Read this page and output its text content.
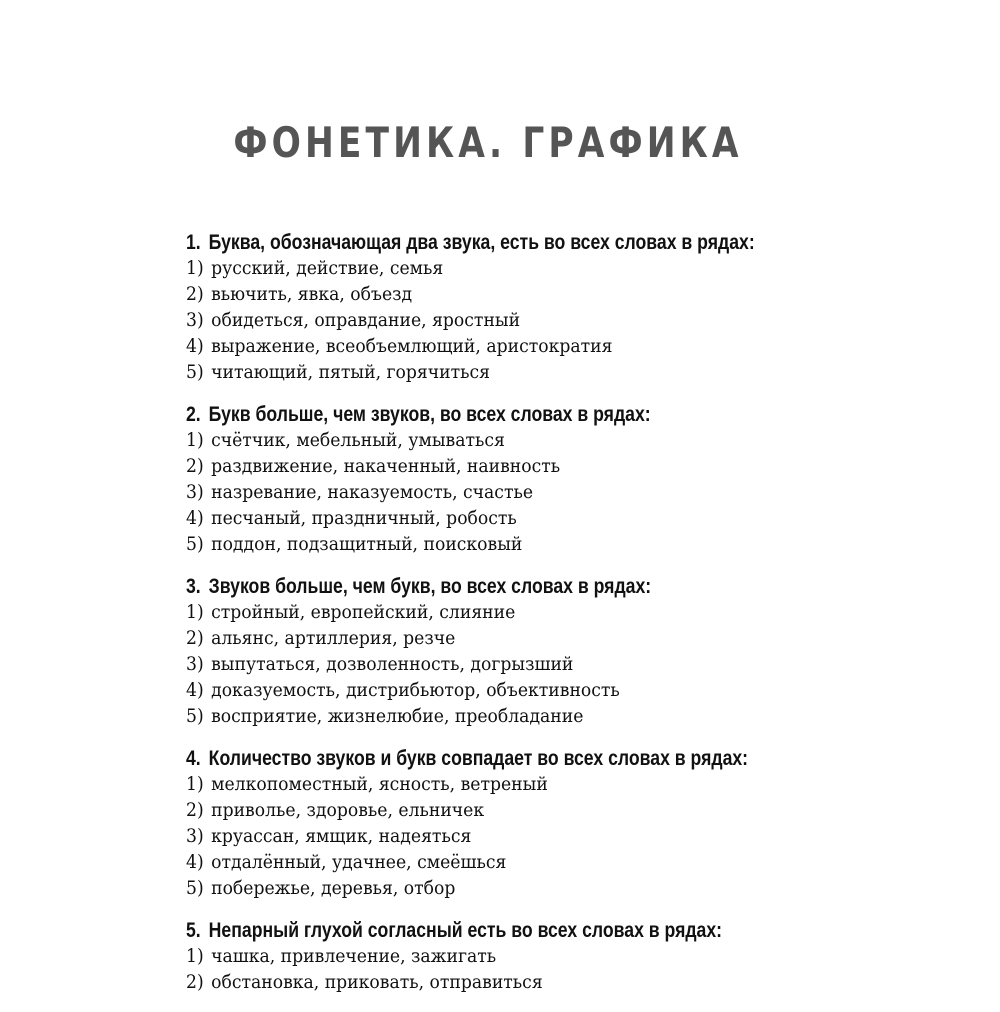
ФОНЕТИКА. ГРАФИКА
1. Буква, обозначающая два звука, есть во всех словах в рядах:
1) русский, действие, семья
2) вьючить, явка, объезд
3) обидеться, оправдание, яростный
4) выражение, всеобъемлющий, аристократия
5) читающий, пятый, горячиться
2. Букв больше, чем звуков, во всех словах в рядах:
1) счётчик, мебельный, умываться
2) раздвижение, накаченный, наивность
3) назревание, наказуемость, счастье
4) песчаный, праздничный, робость
5) поддон, подзащитный, поисковый
3. Звуков больше, чем букв, во всех словах в рядах:
1) стройный, европейский, слияние
2) альянс, артиллерия, резче
3) выпутаться, дозволенность, догрызший
4) доказуемость, дистрибьютор, объективность
5) восприятие, жизнелюбие, преобладание
4. Количество звуков и букв совпадает во всех словах в рядах:
1) мелкопоместный, ясность, ветреный
2) приволье, здоровье, ельничек
3) круассан, ямщик, надеяться
4) отдалённый, удачнее, смеёшься
5) побережье, деревья, отбор
5. Непарный глухой согласный есть во всех словах в рядах:
1) чашка, привлечение, зажигать
2) обстановка, приковать, отправиться
